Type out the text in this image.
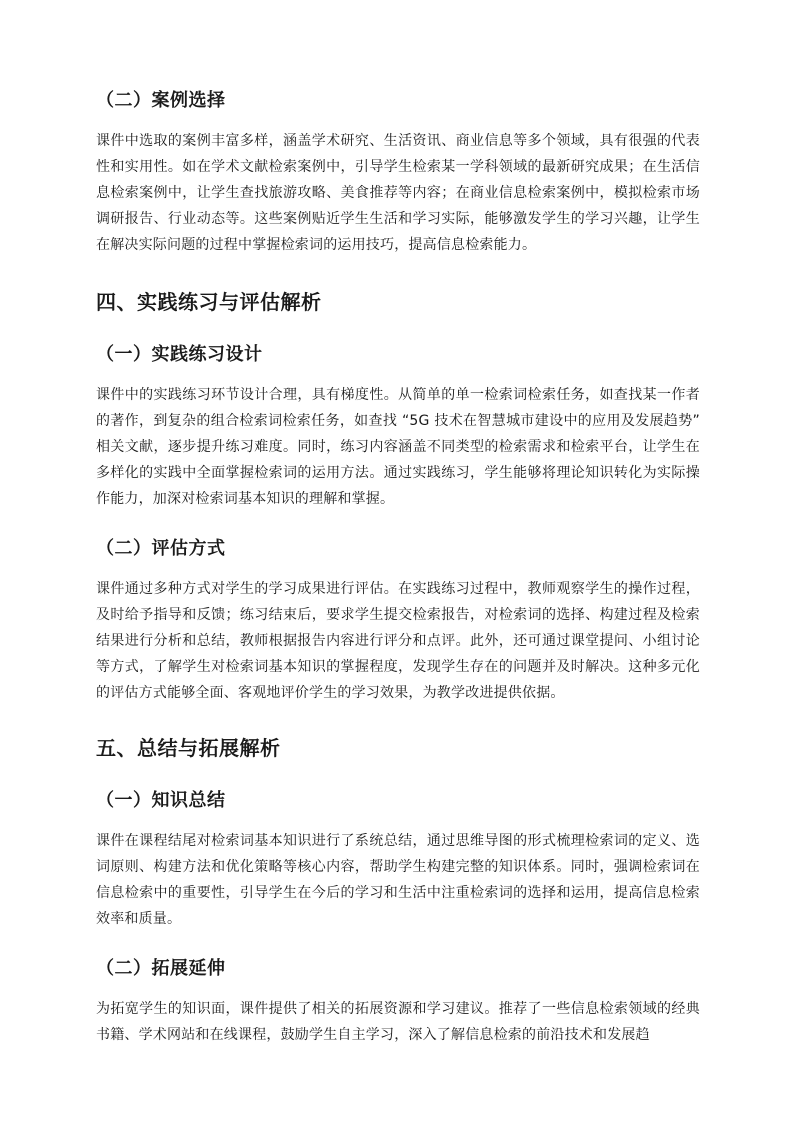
（二）案例选择

课件中选取的案例丰富多样，涵盖学术研究、生活资讯、商业信息等多个领域，具有很强的代表性和实用性。如在学术文献检索案例中，引导学生检索某一学科领域的最新研究成果；在生活信息检索案例中，让学生查找旅游攻略、美食推荐等内容；在商业信息检索案例中，模拟检索市场调研报告、行业动态等。这些案例贴近学生生活和学习实际，能够激发学生的学习兴趣，让学生在解决实际问题的过程中掌握检索词的运用技巧，提高信息检索能力。

四、实践练习与评估解析
（一）实践练习设计

课件中的实践练习环节设计合理，具有梯度性。从简单的单一检索词检索任务，如查找某一作者的著作，到复杂的组合检索词检索任务，如查找 “5G 技术在智慧城市建设中的应用及发展趋势” 相关文献，逐步提升练习难度。同时，练习内容涵盖不同类型的检索需求和检索平台，让学生在多样化的实践中全面掌握检索词的运用方法。通过实践练习，学生能够将理论知识转化为实际操作能力，加深对检索词基本知识的理解和掌握。

（二）评估方式

课件通过多种方式对学生的学习成果进行评估。在实践练习过程中，教师观察学生的操作过程，及时给予指导和反馈；练习结束后，要求学生提交检索报告，对检索词的选择、构建过程及检索结果进行分析和总结，教师根据报告内容进行评分和点评。此外，还可通过课堂提问、小组讨论等方式，了解学生对检索词基本知识的掌握程度，发现学生存在的问题并及时解决。这种多元化的评估方式能够全面、客观地评价学生的学习效果，为教学改进提供依据。

五、总结与拓展解析
（一）知识总结

课件在课程结尾对检索词基本知识进行了系统总结，通过思维导图的形式梳理检索词的定义、选词原则、构建方法和优化策略等核心内容，帮助学生构建完整的知识体系。同时，强调检索词在信息检索中的重要性，引导学生在今后的学习和生活中注重检索词的选择和运用，提高信息检索效率和质量。

（二）拓展延伸

为拓宽学生的知识面，课件提供了相关的拓展资源和学习建议。推荐了一些信息检索领域的经典书籍、学术网站和在线课程，鼓励学生自主学习，深入了解信息检索的前沿技术和发展趋
